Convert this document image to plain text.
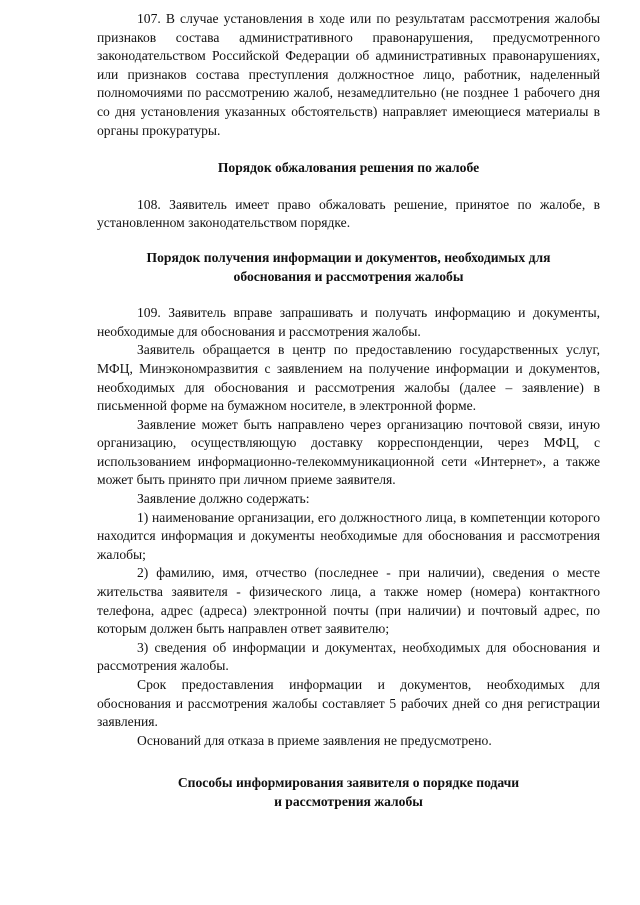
107. В случае установления в ходе или по результатам рассмотрения жалобы признаков состава административного правонарушения, предусмотренного законодательством Российской Федерации об административных правонарушениях, или признаков состава преступления должностное лицо, работник, наделенный полномочиями по рассмотрению жалоб, незамедлительно (не позднее 1 рабочего дня со дня установления указанных обстоятельств) направляет имеющиеся материалы в органы прокуратуры.

Порядок обжалования решения по жалобе

108. Заявитель имеет право обжаловать решение, принятое по жалобе, в установленном законодательством порядке.

Порядок получения информации и документов, необходимых для
обоснования и рассмотрения жалобы

109. Заявитель вправе запрашивать и получать информацию и документы, необходимые для обоснования и рассмотрения жалобы.

Заявитель обращается в центр по предоставлению государственных услуг, МФЦ, Минэкономразвития с заявлением на получение информации и документов, необходимых для обоснования и рассмотрения жалобы (далее – заявление) в письменной форме на бумажном носителе, в электронной форме.

Заявление может быть направлено через организацию почтовой связи, иную организацию, осуществляющую доставку корреспонденции, через МФЦ, с использованием информационно-телекоммуникационной сети «Интернет», а также может быть принято при личном приеме заявителя.

Заявление должно содержать:

1) наименование организации, его должностного лица, в компетенции которого находится информация и документы необходимые для обоснования и рассмотрения жалобы;

2) фамилию, имя, отчество (последнее - при наличии), сведения о месте жительства заявителя - физического лица, а также номер (номера) контактного телефона, адрес (адреса) электронной почты (при наличии) и почтовый адрес, по которым должен быть направлен ответ заявителю;

3) сведения об информации и документах, необходимых для обоснования и рассмотрения жалобы.

Срок предоставления информации и документов, необходимых для обоснования и рассмотрения жалобы составляет 5 рабочих дней со дня регистрации заявления.

Оснований для отказа в приеме заявления не предусмотрено.

Способы информирования заявителя о порядке подачи
и рассмотрения жалобы
